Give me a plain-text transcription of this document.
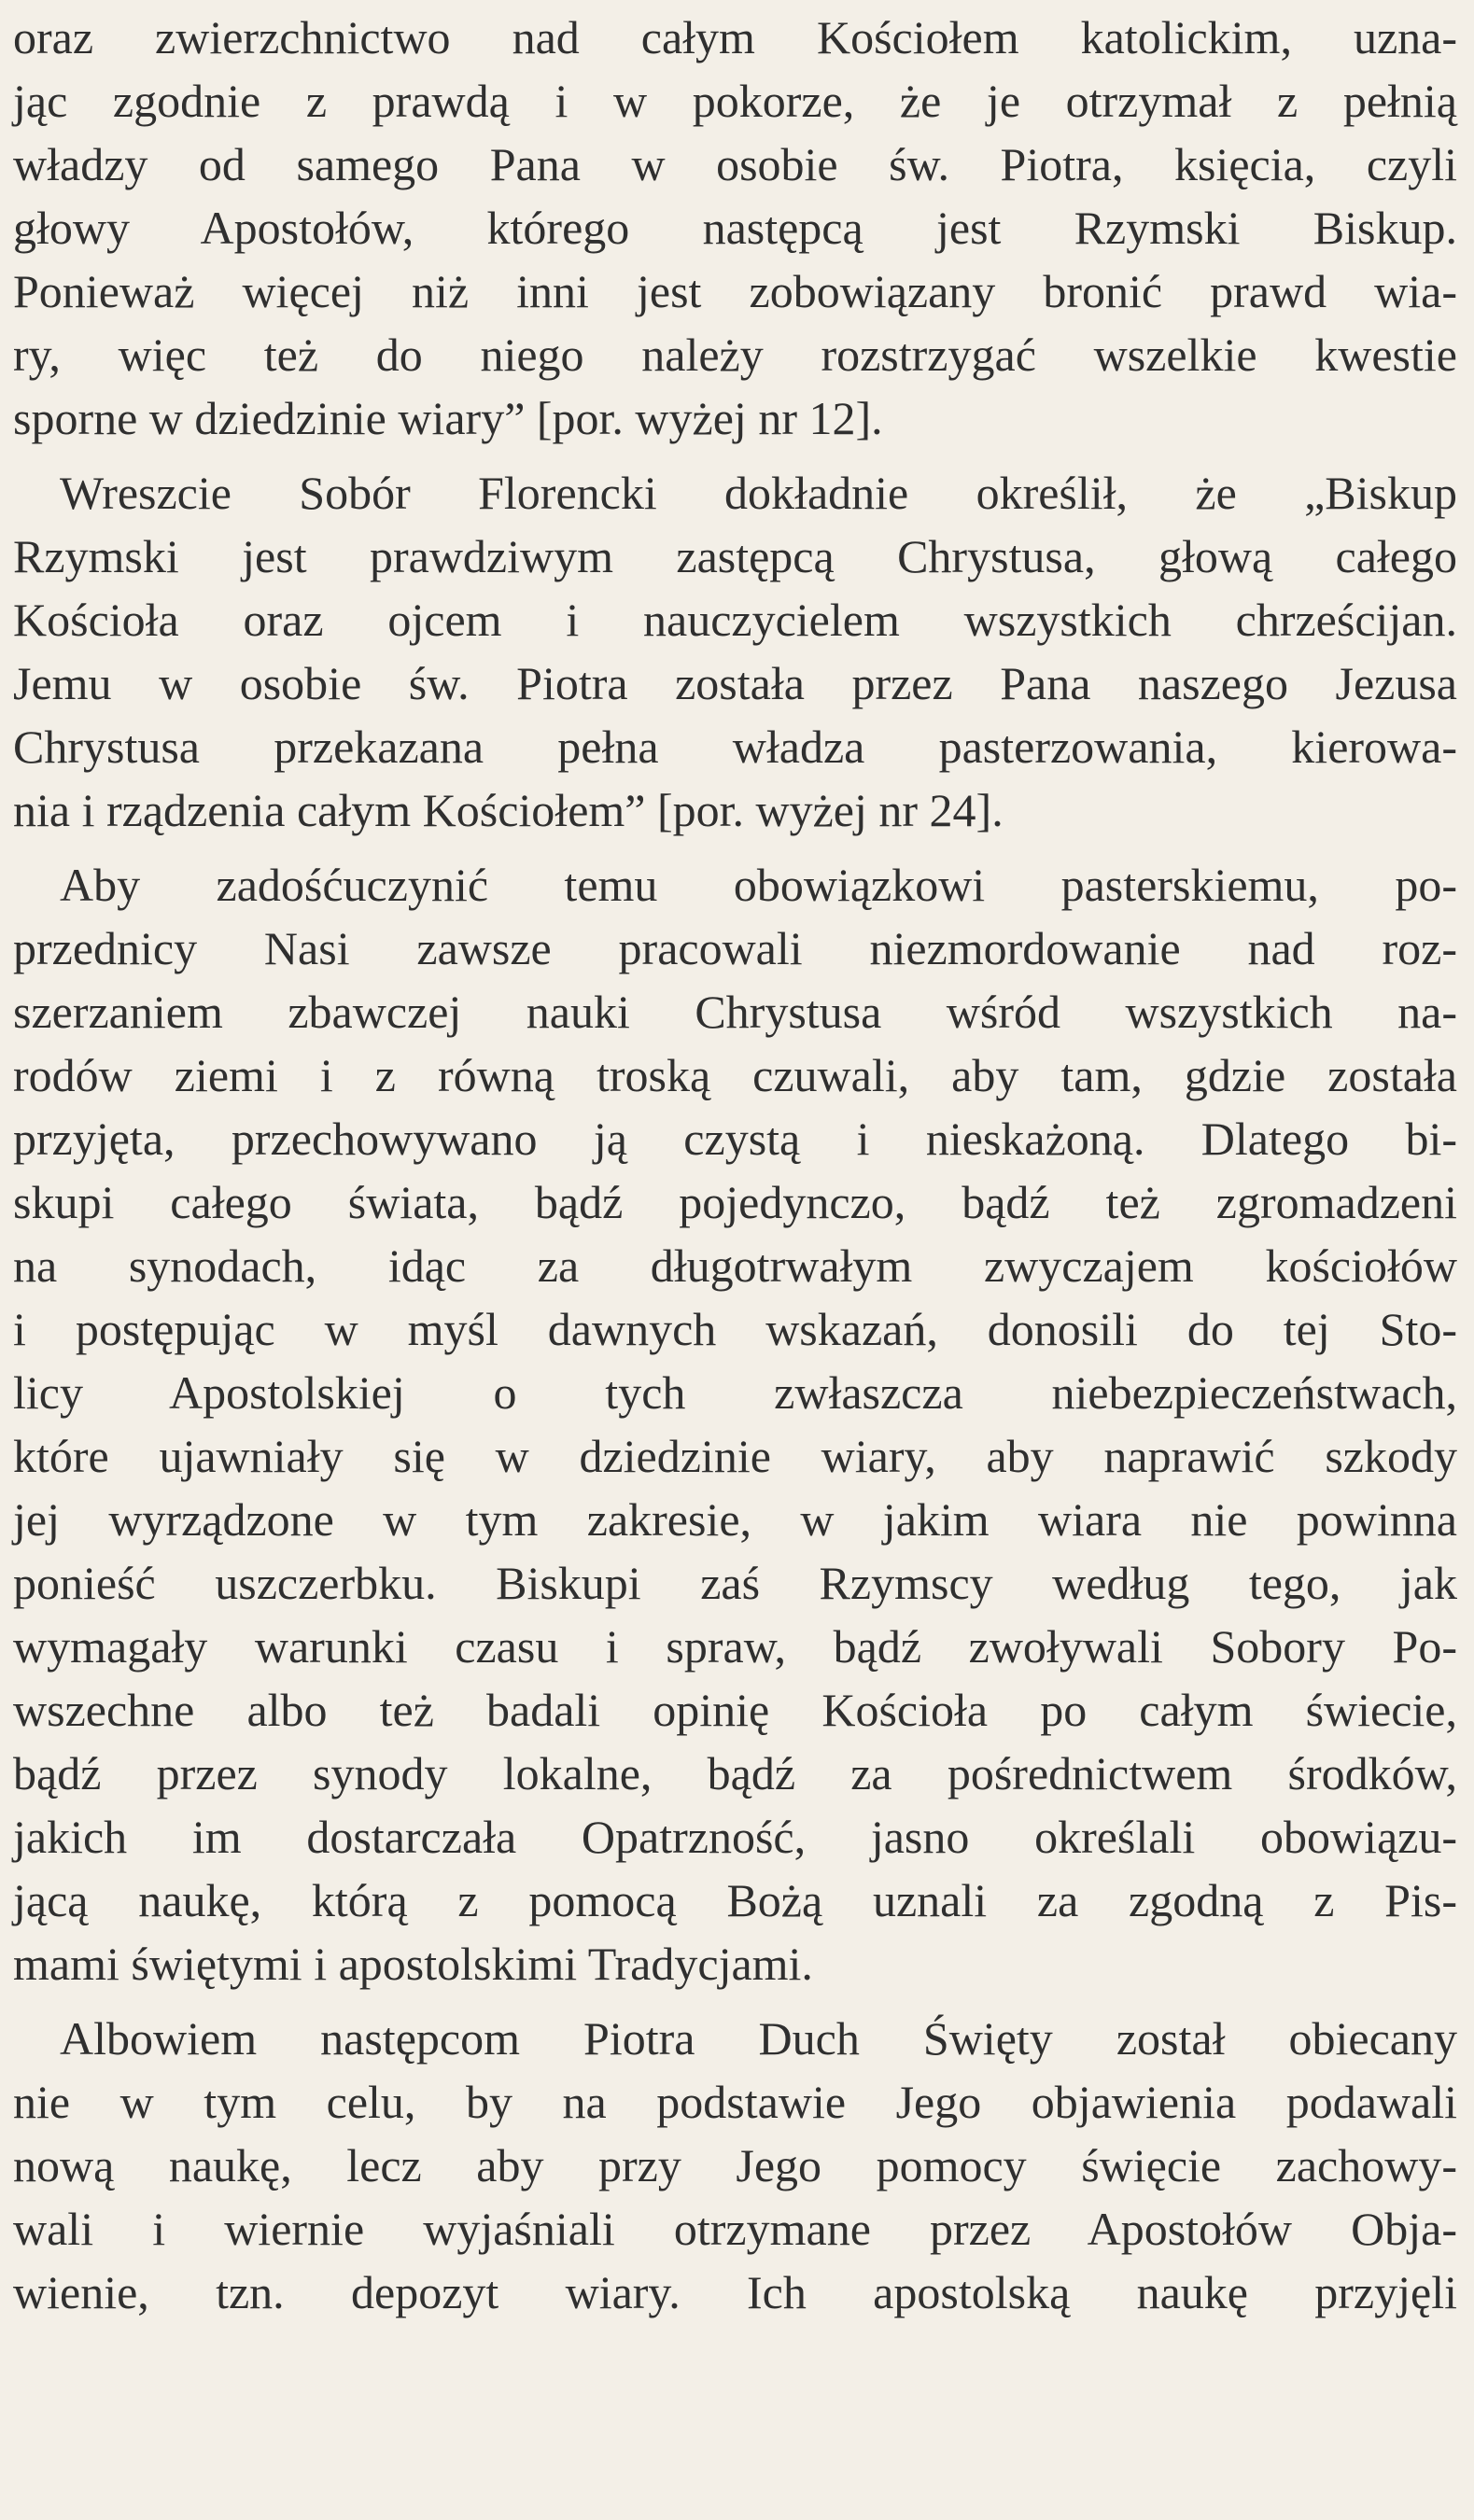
oraz zwierzchnictwo nad całym Kościołem katolickim, uzna-
jąc zgodnie z prawdą i w pokorze, że je otrzymał z pełnią
władzy od samego Pana w osobie św. Piotra, księcia, czyli
głowy Apostołów, którego następcą jest Rzymski Biskup.
Ponieważ więcej niż inni jest zobowiązany bronić prawd wia-
ry, więc też do niego należy rozstrzygać wszelkie kwestie
sporne w dziedzinie wiary” [por. wyżej nr 12].

Wreszcie Sobór Florencki dokładnie określił, że „Biskup
Rzymski jest prawdziwym zastępcą Chrystusa, głową całego
Kościoła oraz ojcem i nauczycielem wszystkich chrześcijan.
Jemu w osobie św. Piotra została przez Pana naszego Jezusa
Chrystusa przekazana pełna władza pasterzowania, kierowa-
nia i rządzenia całym Kościołem” [por. wyżej nr 24].

Aby zadośćuczynić temu obowiązkowi pasterskiemu, po-
przednicy Nasi zawsze pracowali niezmordowanie nad roz-
szerzaniem zbawczej nauki Chrystusa wśród wszystkich na-
rodów ziemi i z równą troską czuwali, aby tam, gdzie została
przyjęta, przechowywano ją czystą i nieskażoną. Dlatego bi-
skupi całego świata, bądź pojedynczo, bądź też zgromadzeni
na synodach, idąc za długotrwałym zwyczajem kościołów
i postępując w myśl dawnych wskazań, donosili do tej Sto-
licy Apostolskiej o tych zwłaszcza niebezpieczeństwach,
które ujawniały się w dziedzinie wiary, aby naprawić szkody
jej wyrządzone w tym zakresie, w jakim wiara nie powinna
ponieść uszczerbku. Biskupi zaś Rzymscy według tego, jak
wymagały warunki czasu i spraw, bądź zwoływali Sobory Po-
wszechne albo też badali opinię Kościoła po całym świecie,
bądź przez synody lokalne, bądź za pośrednictwem środków,
jakich im dostarczała Opatrzność, jasno określali obowiązu-
jącą naukę, którą z pomocą Bożą uznali za zgodną z Pis-
mami świętymi i apostolskimi Tradycjami.

Albowiem następcom Piotra Duch Święty został obiecany
nie w tym celu, by na podstawie Jego objawienia podawali
nową naukę, lecz aby przy Jego pomocy święcie zachowy-
wali i wiernie wyjaśniali otrzymane przez Apostołów Obja-
wienie, tzn. depozyt wiary. Ich apostolską naukę przyjęli
